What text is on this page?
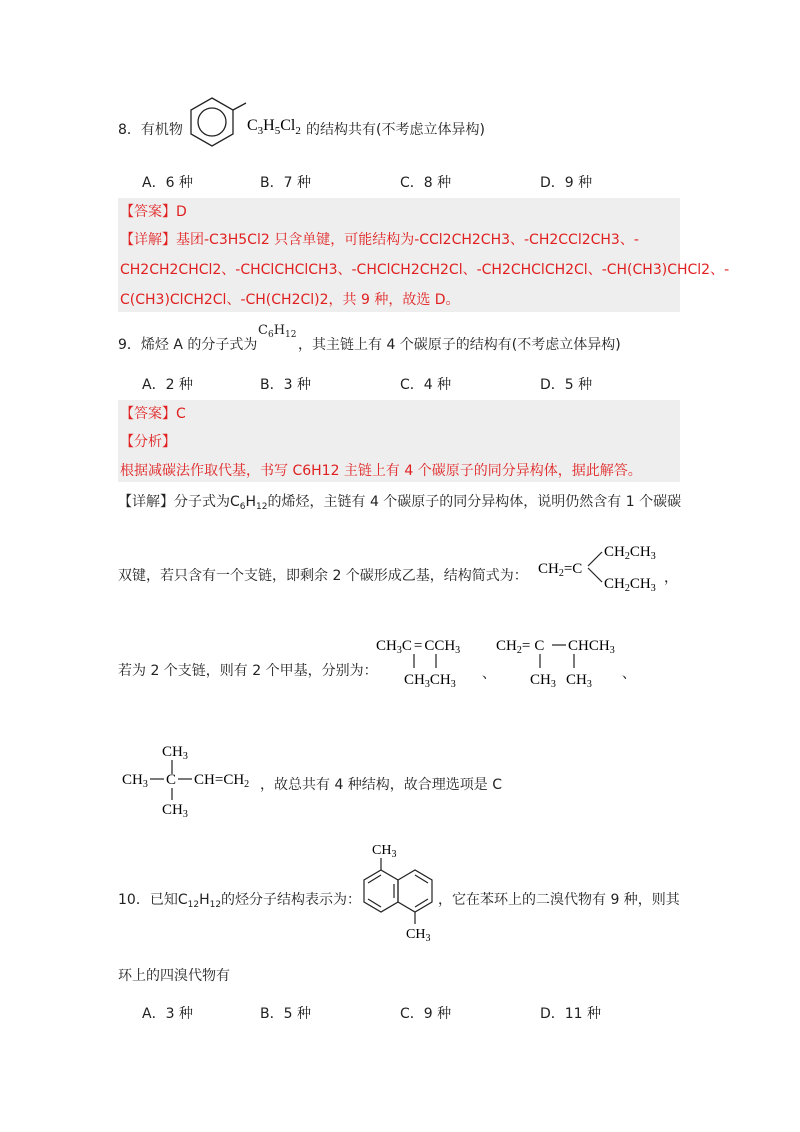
8．有机物	$C_3H_5Cl_2$ 的结构共有(不考虑立体异构)
A．6 种	B．7 种	C．8 种	D．9 种
【答案】D
【详解】基团-C3H5Cl2 只含单键，可能结构为-CCl2CH2CH3、-CH2CCl2CH3、-
CH2CH2CHCl2、-CHClCHClCH3、-CHClCH2CH2Cl、-CH2CHClCH2Cl、-CH(CH3)CHCl2、-
C(CH3)ClCH2Cl、-CH(CH2Cl)2，共 9 种，故选 D。
9．烯烃 A 的分子式为
$C_6H_{12}$
，其主链上有 4 个碳原子的结构有(不考虑立体异构)
A．2 种	B．3 种	C．4 种	D．5 种
【答案】C
【分析】
根据减碳法作取代基，书写 C6H12 主链上有 4 个碳原子的同分异构体，据此解答。
【详解】分子式为$C_6H_{12}$的烯烃，主链有 4 个碳原子的同分异构体，说明仍然含有 1 个碳碳
双键，若只含有一个支链，即剩余 2 个碳形成乙基，结构简式为： $CH_2=C$
$CH_2CH_3$
$CH_2CH_3$
，
若为 2 个支链，则有 2 个甲基，分别为：
$CH_3C = CCH_3$
$CH_3CH_3$
、
$CH_2= C$ $CHCH_3$
$CH_3$ $CH_3$
、
$CH_3$
$CH_3$ C $CH=CH_2$
$CH_3$
，故总共有 4 种结构，故合理选项是 C
10．已知$C_{12}H_{12}$的烃分子结构表示为：
$CH_3$
$CH_3$
，它在苯环上的二溴代物有 9 种，则其
环上的四溴代物有
A．3 种	B．5 种	C．9 种	D．11 种
